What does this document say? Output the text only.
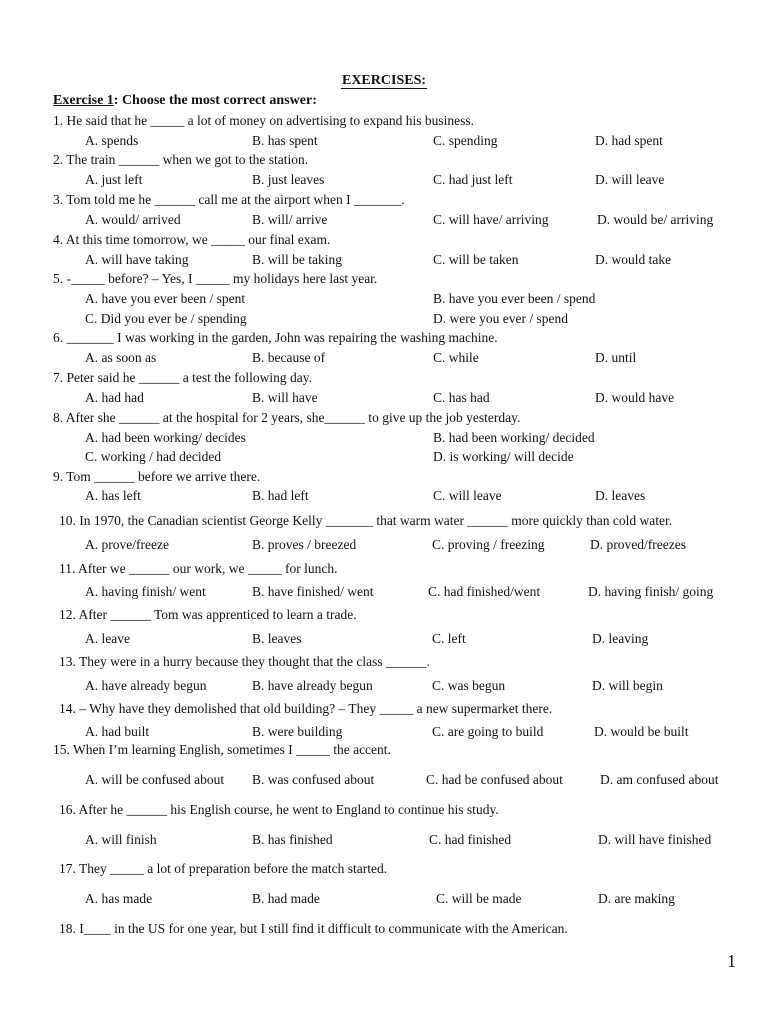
EXERCISES:
Exercise 1: Choose the most correct answer:
1. He said that he _____ a lot of money on advertising to expand his business.
A. spends	B. has spent	C. spending	D. had spent
2. The train ______ when we got to the station.
A. just left	B. just leaves	C. had just left	D. will leave
3. Tom told me he ______ call me at the airport when I _______.
A. would/ arrived	B. will/ arrive	C. will have/ arriving	D. would be/ arriving
4. At this time tomorrow, we _____ our final exam.
A. will have taking	B. will be taking	C. will be taken	D. would take
5. -_____ before? – Yes, I _____ my holidays here last year.
A. have you ever been / spent	B. have you ever been / spend
C. Did you ever be / spending	D. were you ever / spend
6. _______ I was working in the garden, John was repairing the washing machine.
A. as soon as	B. because of	C. while	D. until
7. Peter said he ______ a test the following day.
A. had had	B. will have	C. has had	D. would have
8. After she ______ at the hospital for 2 years, she______ to give up the job yesterday.
A. had been working/ decides	B. had been working/ decided
C. working / had decided	D. is working/ will decide
9. Tom ______ before we arrive there.
A. has left	B. had left	C. will leave	D. leaves
10. In 1970, the Canadian scientist George Kelly _______ that warm water ______ more quickly than cold water.
A. prove/freeze	B. proves / breezed	C. proving / freezing	D. proved/freezes
11. After we ______ our work, we _____ for lunch.
A. having finish/ went	B. have finished/ went	C. had finished/went	D. having finish/ going
12. After ______ Tom was apprenticed to learn a trade.
A. leave	B. leaves	C. left	D. leaving
13. They were in a hurry because they thought that the class ______.
A. have already begun	B. have already begun	C. was begun	D. will begin
14. – Why have they demolished that old building? – They _____ a new supermarket there.
A. had built	B. were building	C. are going to build	D. would be built
15. When I’m learning English, sometimes I _____ the accent.
A. will be confused about B. was confused about	C. had be confused about	D. am confused about
16. After he ______ his English course, he went to England to continue his study.
A. will finish	B. has finished	C. had finished	D. will have finished
17. They _____ a lot of preparation before the match started.
A. has made	B. had made	C. will be made	D. are making
18. I____ in the US for one year, but I still find it difficult to communicate with the American.
1
